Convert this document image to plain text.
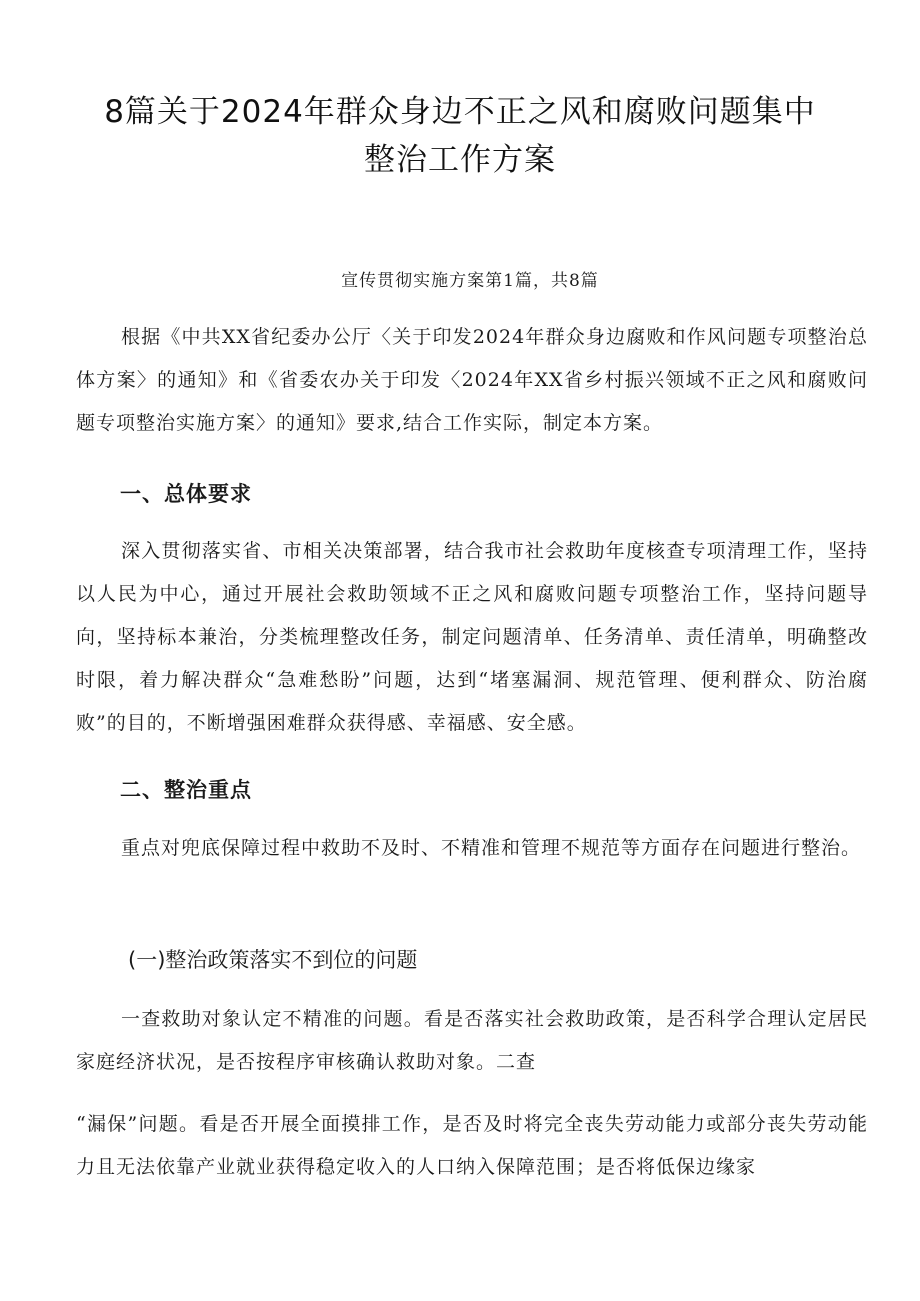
8篇关于2024年群众身边不正之风和腐败问题集中
整治工作方案
宣传贯彻实施方案第1篇，共8篇

根据《中共XX省纪委办公厅〈关于印发2024年群众身边腐败和作风问题专项整治总体方案〉的通知》和《省委农办关于印发〈2024年XX省乡村振兴领域不正之风和腐败问题专项整治实施方案〉的通知》要求,结合工作实际，制定本方案。

一、总体要求

深入贯彻落实省、市相关决策部署，结合我市社会救助年度核查专项清理工作，坚持以人民为中心，通过开展社会救助领域不正之风和腐败问题专项整治工作，坚持问题导向，坚持标本兼治，分类梳理整改任务，制定问题清单、任务清单、责任清单，明确整改时限，着力解决群众“急难愁盼”问题，达到“堵塞漏洞、规范管理、便利群众、防治腐败”的目的，不断增强困难群众获得感、幸福感、安全感。

二、整治重点

重点对兜底保障过程中救助不及时、不精准和管理不规范等方面存在问题进行整治。

(一)整治政策落实不到位的问题

一查救助对象认定不精准的问题。看是否落实社会救助政策，是否科学合理认定居民家庭经济状况，是否按程序审核确认救助对象。二查

“漏保”问题。看是否开展全面摸排工作，是否及时将完全丧失劳动能力或部分丧失劳动能力且无法依靠产业就业获得稳定收入的人口纳入保障范围；是否将低保边缘家
